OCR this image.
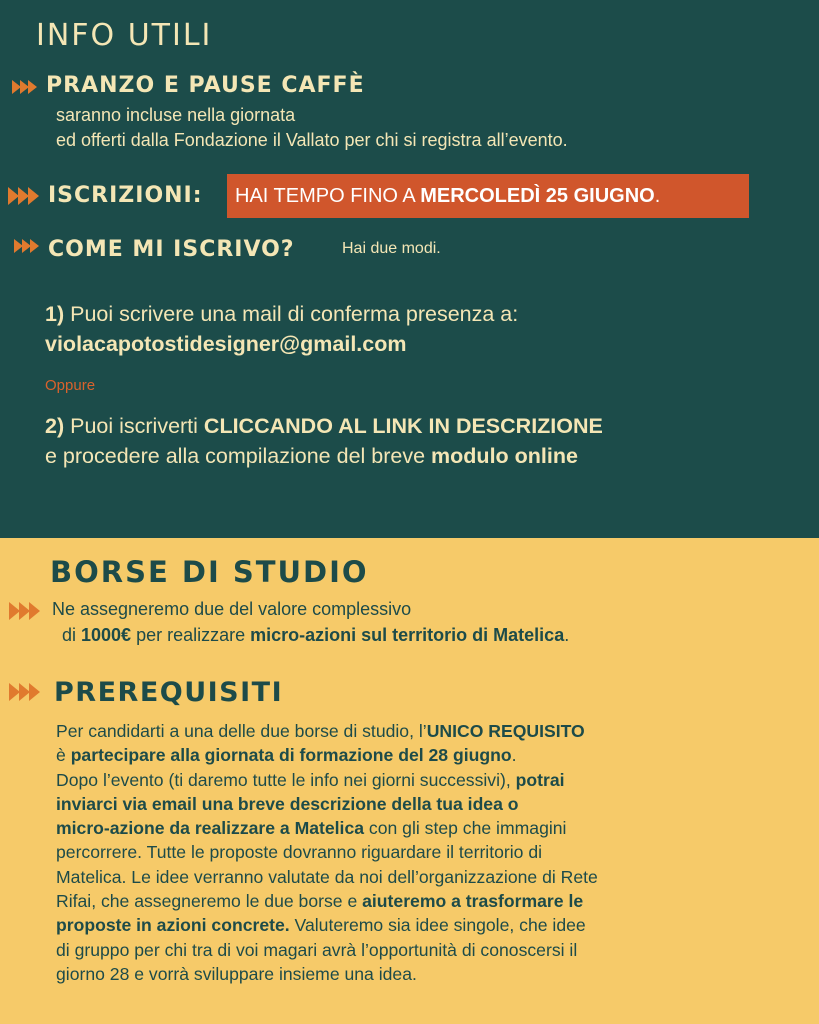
INFO UTILI
PRANZO E PAUSE CAFFÈ
saranno incluse nella giornata
ed offerti dalla Fondazione il Vallato per chi si registra all’evento.
ISCRIZIONI:	HAI TEMPO FINO A MERCOLEDÌ 25 GIUGNO.
COME MI ISCRIVO?	Hai due modi.
1) Puoi scrivere una mail di conferma presenza a:
violacapotostidesigner@gmail.com
Oppure
2) Puoi iscriverti CLICCANDO AL LINK IN DESCRIZIONE
e procedere alla compilazione del breve modulo online
BORSE DI STUDIO
Ne assegneremo due del valore complessivo
di 1000€ per realizzare micro-azioni sul territorio di Matelica.
PREREQUISITI

Per candidarti a una delle due borse di studio, l’UNICO REQUISITO

è partecipare alla giornata di formazione del 28 giugno.

Dopo l’evento (ti daremo tutte le info nei giorni successivi), potrai

inviarci via email una breve descrizione della tua idea o

micro-azione da realizzare a Matelica con gli step che immagini

percorrere. Tutte le proposte dovranno riguardare il territorio di

Matelica. Le idee verranno valutate da noi dell’organizzazione di Rete

Rifai, che assegneremo le due borse e aiuteremo a trasformare le

proposte in azioni concrete. Valuteremo sia idee singole, che idee

di gruppo per chi tra di voi magari avrà l’opportunità di conoscersi il

giorno 28 e vorrà sviluppare insieme una idea.
